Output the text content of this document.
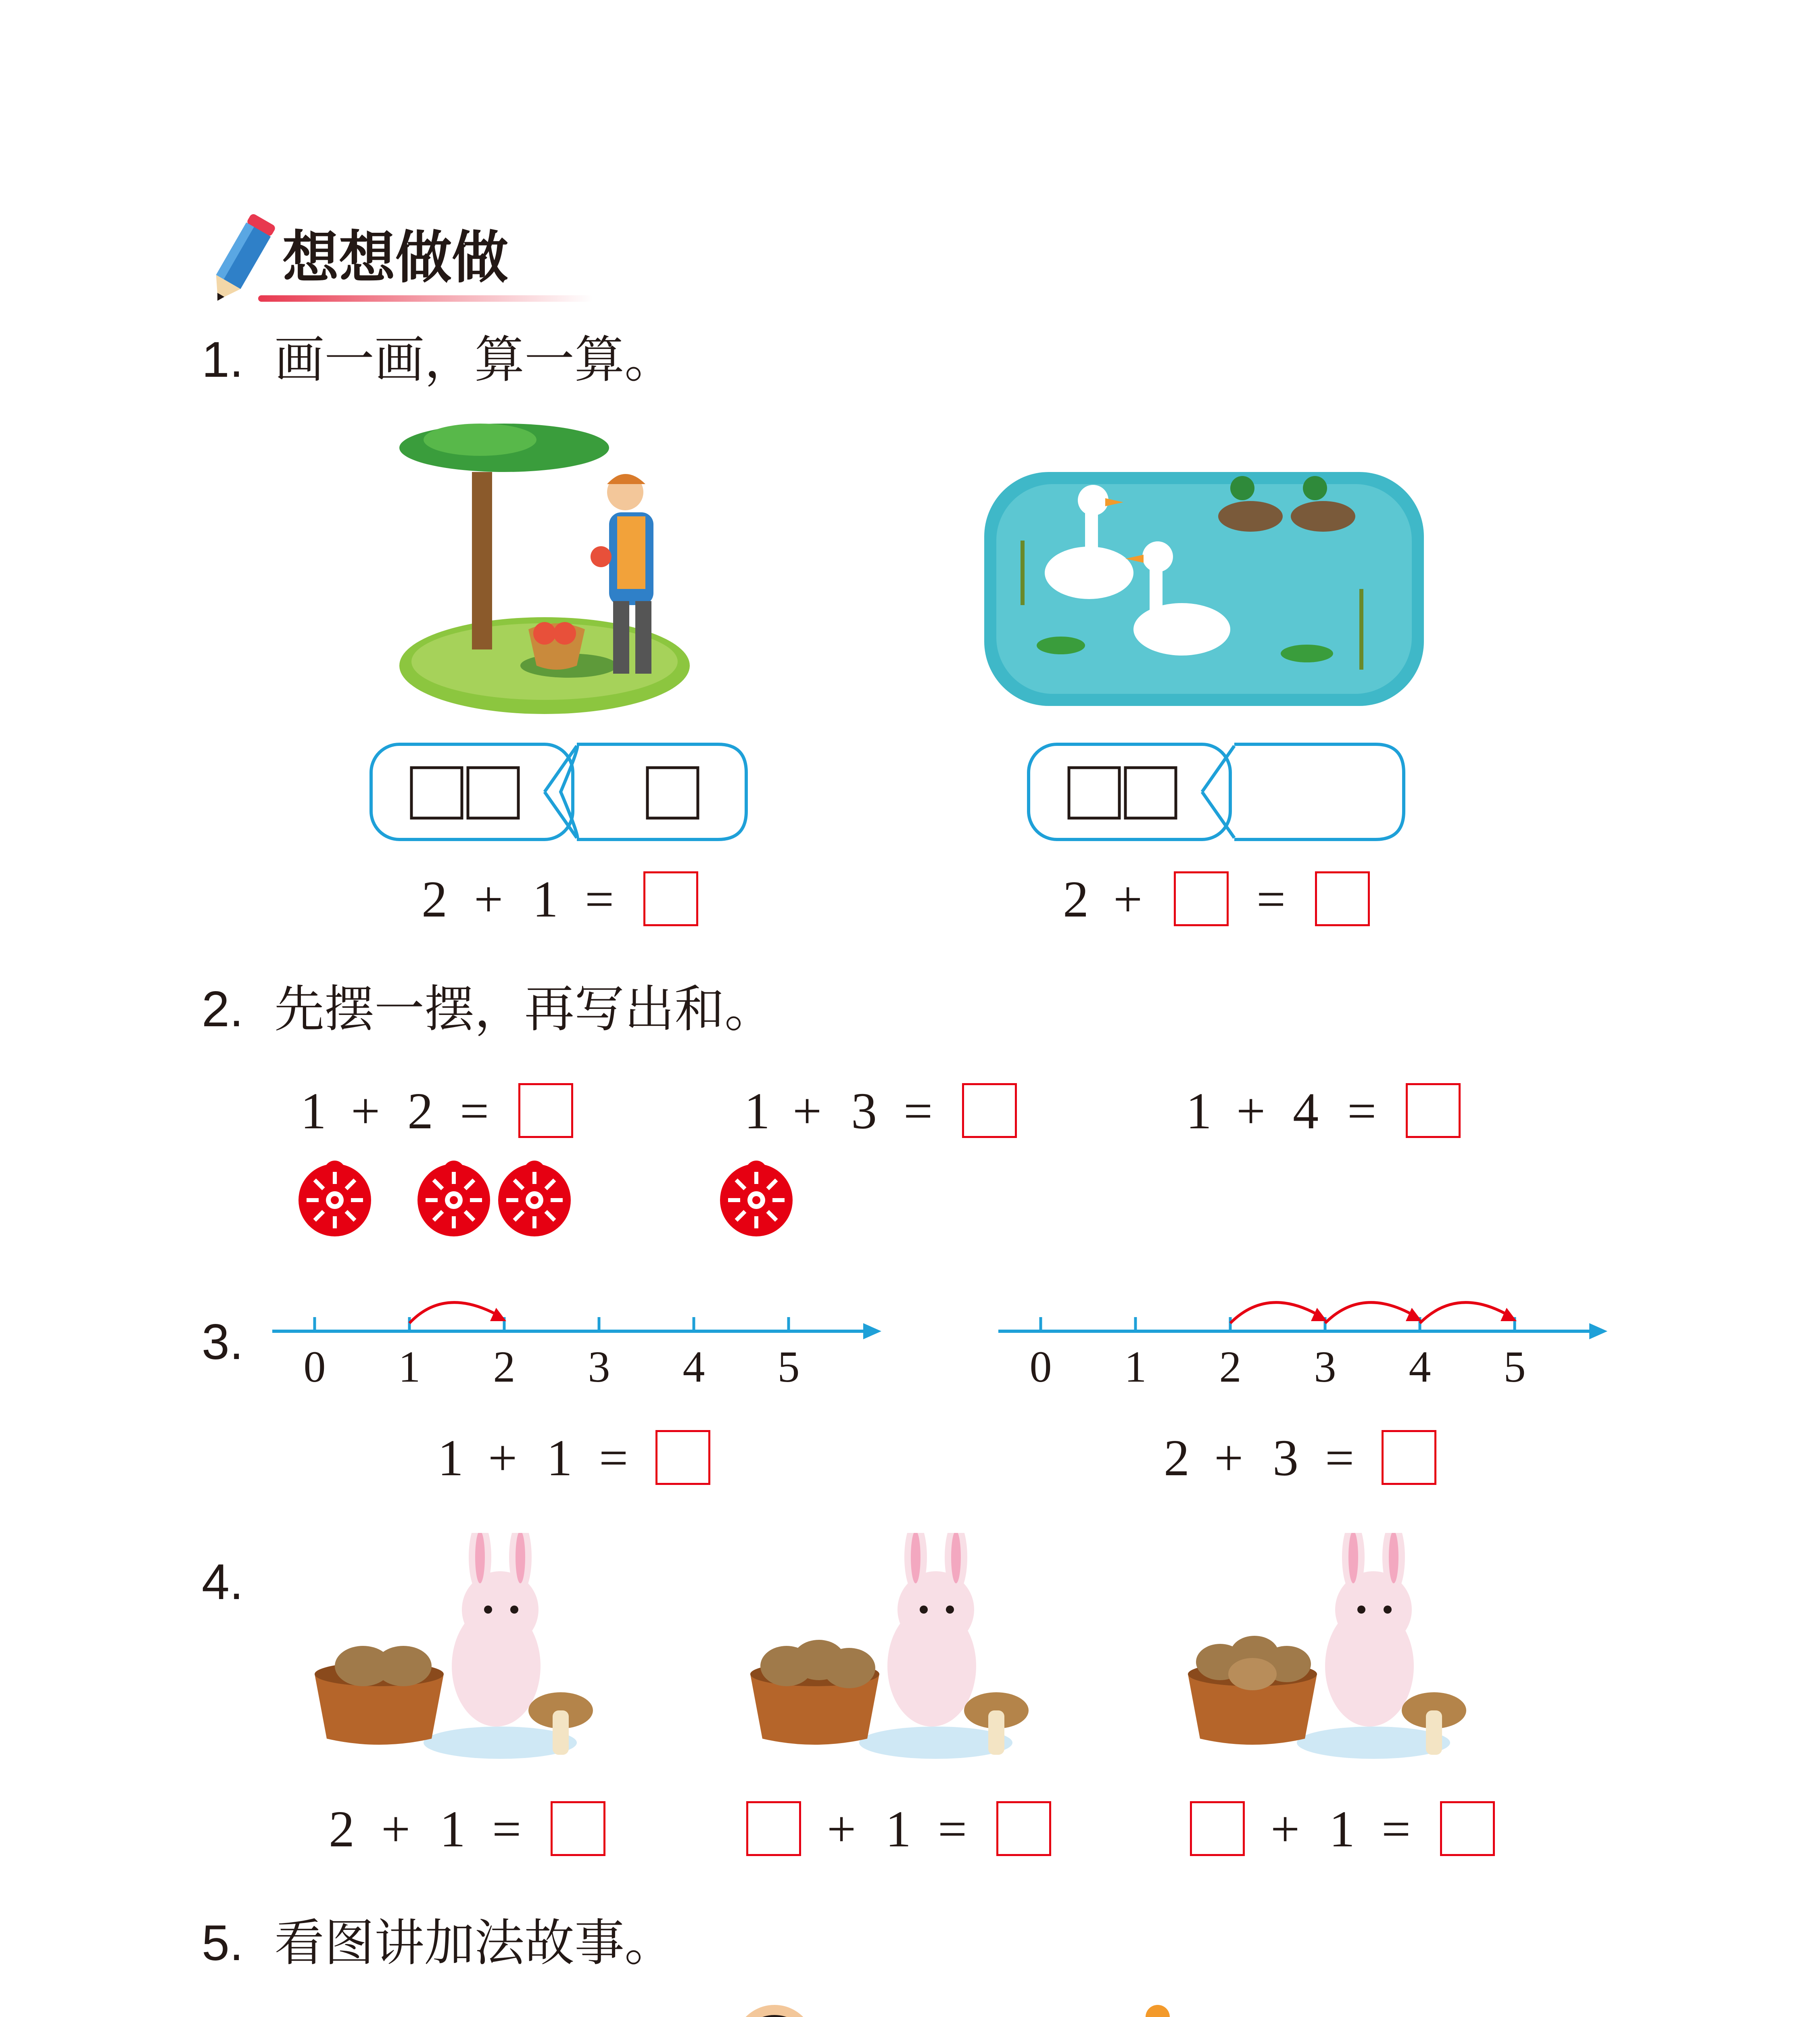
想想做做
1. 画一画，算一算。
2 + 1 =	2 + =
2. 先摆一摆，再写出和。
1 + 2 =	1 + 3 =	1 + 4 =
3. 0 1 2 3 4 5	0 1 2 3 4 5
1 + 1 =	2 + 3 =
4.
2 + 1 =	+ 1 =	+ 1 =
5. 看图讲加法故事。
